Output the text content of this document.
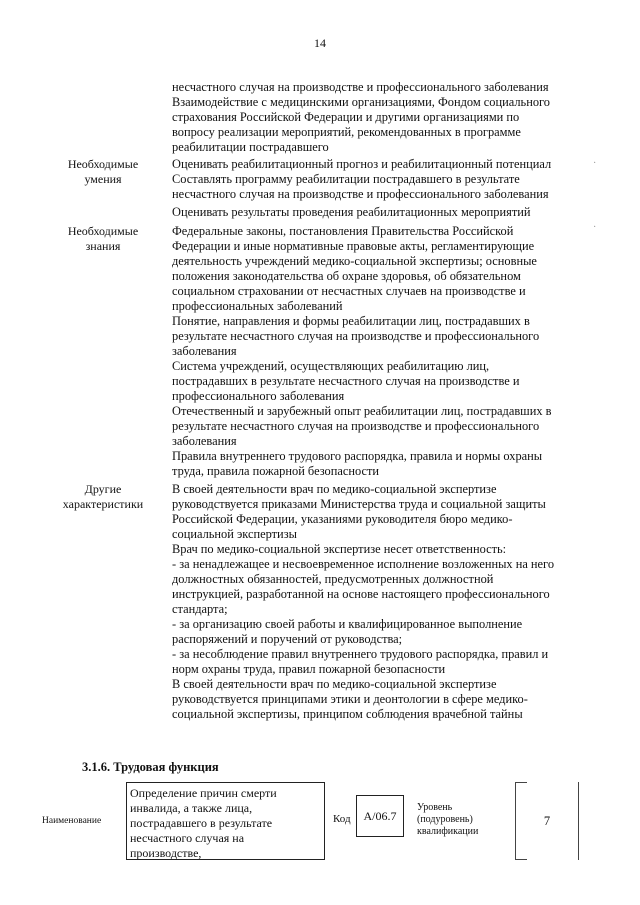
14
несчастного случая на производстве и профессионального заболевания
Взаимодействие с медицинскими организациями, Фондом социального
страхования Российской Федерации и другими организациями по
вопросу реализации мероприятий, рекомендованных в программе
реабилитации пострадавшего
Необходимые
умения
Оценивать реабилитационный прогноз и реабилитационный потенциал
Составлять программу реабилитации пострадавшего в результате
несчастного случая на производстве и профессионального заболевания
Оценивать результаты проведения реабилитационных мероприятий
Необходимые
знания
Федеральные законы, постановления Правительства Российской
Федерации и иные нормативные правовые акты, регламентирующие
деятельность учреждений медико-социальной экспертизы; основные
положения законодательства об охране здоровья, об обязательном
социальном страховании от несчастных случаев на производстве и
профессиональных заболеваний
Понятие, направления и формы реабилитации лиц, пострадавших в
результате несчастного случая на производстве и профессионального
заболевания
Система учреждений, осуществляющих реабилитацию лиц,
пострадавших в результате несчастного случая на производстве и
профессионального заболевания
Отечественный и зарубежный опыт реабилитации лиц, пострадавших в
результате несчастного случая на производстве и профессионального
заболевания
Правила внутреннего трудового распорядка, правила и нормы охраны
труда, правила пожарной безопасности
Другие
характеристики
В своей деятельности врач по медико-социальной экспертизе
руководствуется приказами Министерства труда и социальной защиты
Российской Федерации, указаниями руководителя бюро медико-
социальной экспертизы
Врач по медико-социальной экспертизе несет ответственность:
- за ненадлежащее и несвоевременное исполнение возложенных на него
должностных обязанностей, предусмотренных должностной
инструкцией, разработанной на основе настоящего профессионального
стандарта;
- за организацию своей работы и квалифицированное выполнение
распоряжений и поручений от руководства;
- за несоблюдение правил внутреннего трудового распорядка, правил и
норм охраны труда, правил пожарной безопасности
В своей деятельности врач по медико-социальной экспертизе
руководствуется принципами этики и деонтологии в сфере медико-
социальной экспертизы, принципом соблюдения врачебной тайны
3.1.6. Трудовая функция
Наименование
Определение причин смерти
инвалида, а также лица,
пострадавшего в результате
несчастного случая на
производстве,
Код	А/06.7
Уровень
(подуровень)
квалификации
7
·
·
